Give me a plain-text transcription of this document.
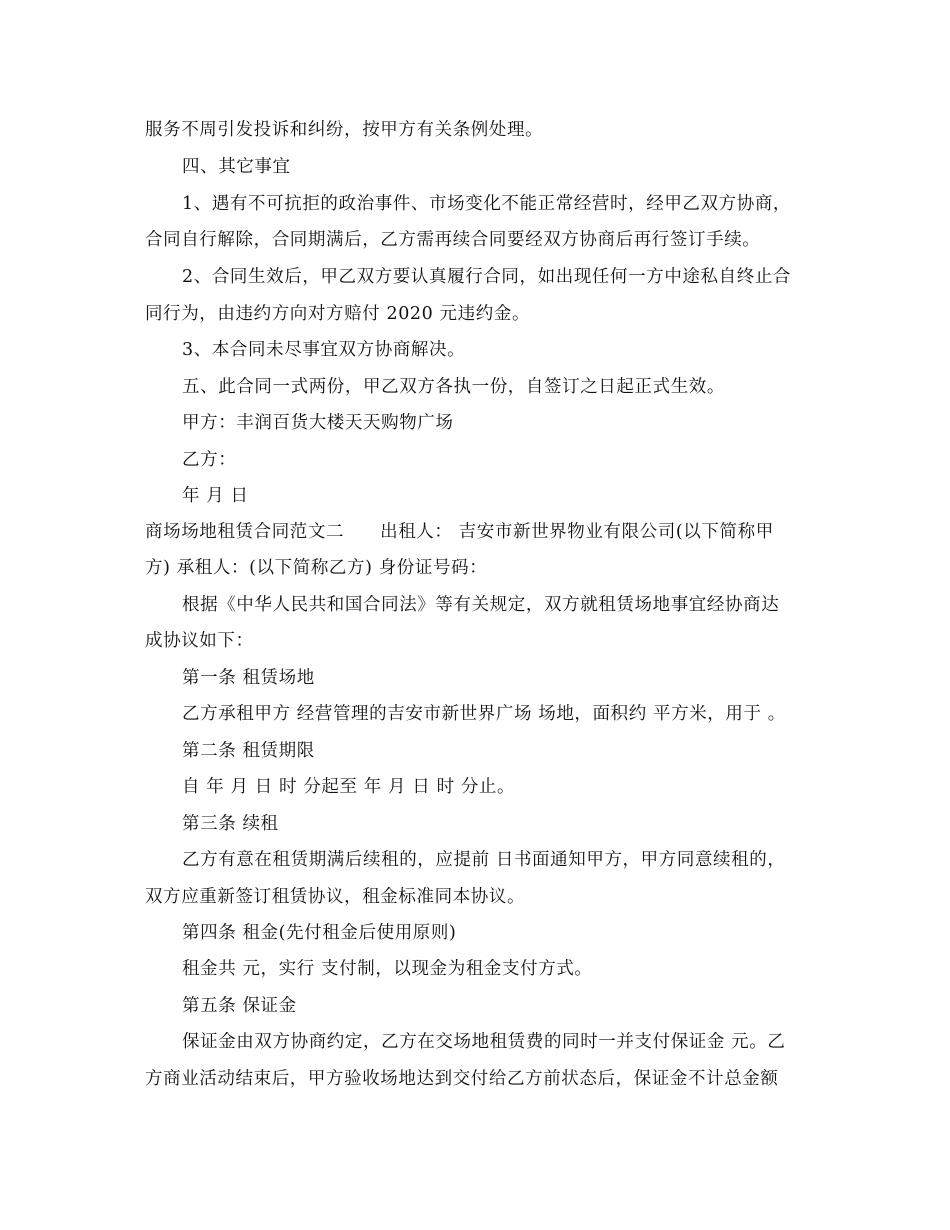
服务不周引发投诉和纠纷，按甲方有关条例处理。
四、其它事宜
1、遇有不可抗拒的政治事件、市场变化不能正常经营时，经甲乙双方协商，
合同自行解除，合同期满后，乙方需再续合同要经双方协商后再行签订手续。
2、合同生效后，甲乙双方要认真履行合同，如出现任何一方中途私自终止合
同行为，由违约方向对方赔付 2020 元违约金。
3、本合同未尽事宜双方协商解决。
五、此合同一式两份，甲乙双方各执一份，自签订之日起正式生效。
甲方：丰润百货大楼天天购物广场
乙方：
年 月 日
商场场地租赁合同范文二 出租人： 吉安市新世界物业有限公司(以下简称甲
方) 承租人：(以下简称乙方) 身份证号码：
根据《中华人民共和国合同法》等有关规定，双方就租赁场地事宜经协商达
成协议如下：
第一条 租赁场地
乙方承租甲方 经营管理的吉安市新世界广场 场地，面积约 平方米，用于 。
第二条 租赁期限
自 年 月 日 时 分起至 年 月 日 时 分止。
第三条 续租
乙方有意在租赁期满后续租的，应提前 日书面通知甲方，甲方同意续租的，
双方应重新签订租赁协议，租金标准同本协议。
第四条 租金(先付租金后使用原则)
租金共 元，实行 支付制，以现金为租金支付方式。
第五条 保证金
保证金由双方协商约定，乙方在交场地租赁费的同时一并支付保证金 元。乙
方商业活动结束后，甲方验收场地达到交付给乙方前状态后，保证金不计总金额
